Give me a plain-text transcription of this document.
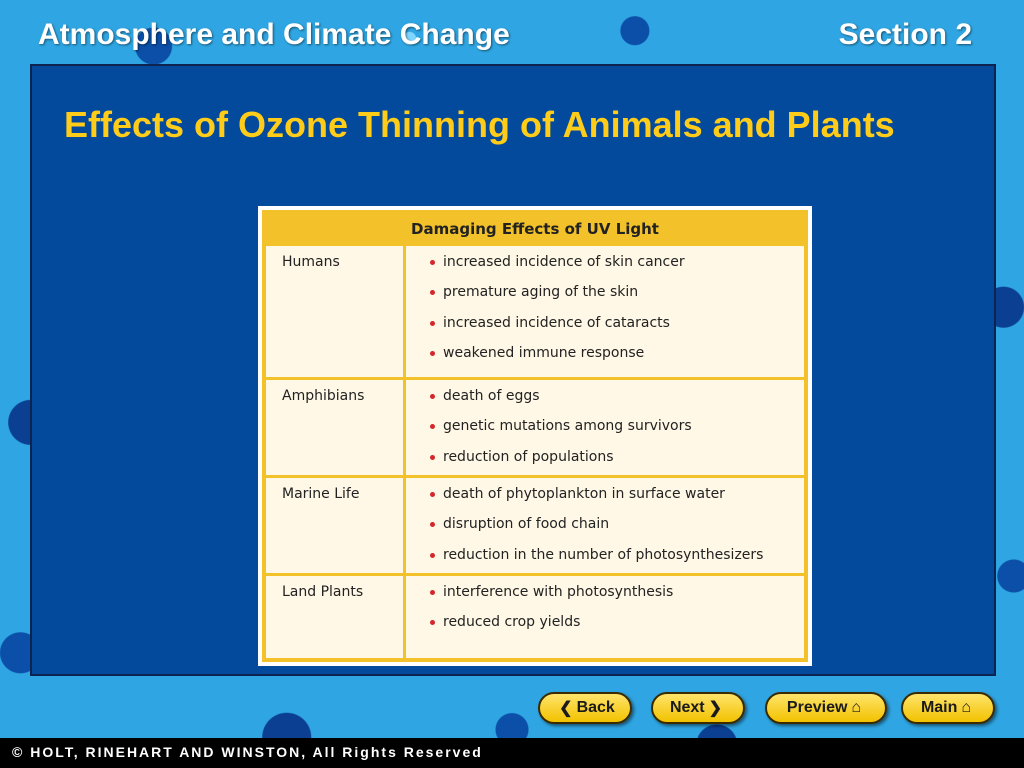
Atmosphere and Climate Change	Section 2
Effects of Ozone Thinning of Animals and Plants
Damaging Effects of UV Light
Humans	increased incidence of skin cancer
premature aging of the skin
increased incidence of cataracts
weakened immune response
Amphibians	death of eggs
genetic mutations among survivors
reduction of populations
Marine Life	death of phytoplankton in surface water
disruption of food chain
reduction in the number of photosynthesizers
Land Plants	interference with photosynthesis
reduced crop yields
❮ Back	Next ❯	Preview ⌂	Main ⌂
© HOLT, RINEHART AND WINSTON, All Rights Reserved
